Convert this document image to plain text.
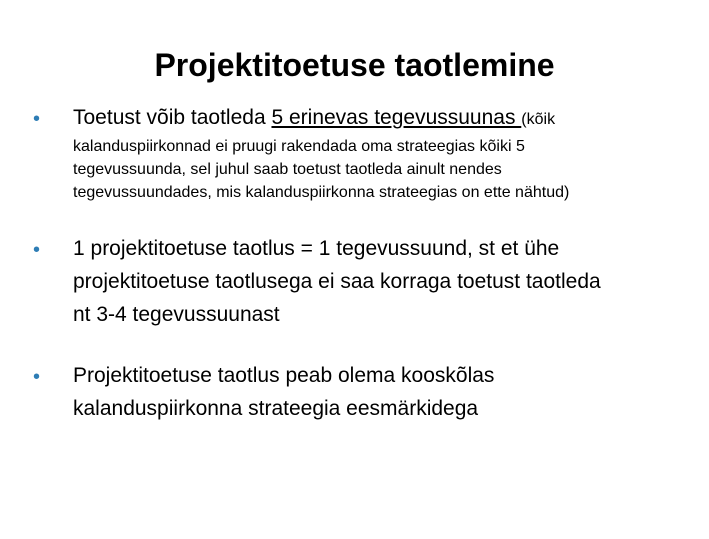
Projektitoetuse taotlemine
• Toetust võib taotleda 5 erinevas tegevussuunas (kõik
kalanduspiirkonnad ei pruugi rakendada oma strateegias kõiki 5
tegevussuunda, sel juhul saab toetust taotleda ainult nendes
tegevussuundades, mis kalanduspiirkonna strateegias on ette nähtud)
• 1 projektitoetuse taotlus = 1 tegevussuund, st et ühe
projektitoetuse taotlusega ei saa korraga toetust taotleda
nt 3-4 tegevussuunast
• Projektitoetuse taotlus peab olema kooskõlas
kalanduspiirkonna strateegia eesmärkidega
